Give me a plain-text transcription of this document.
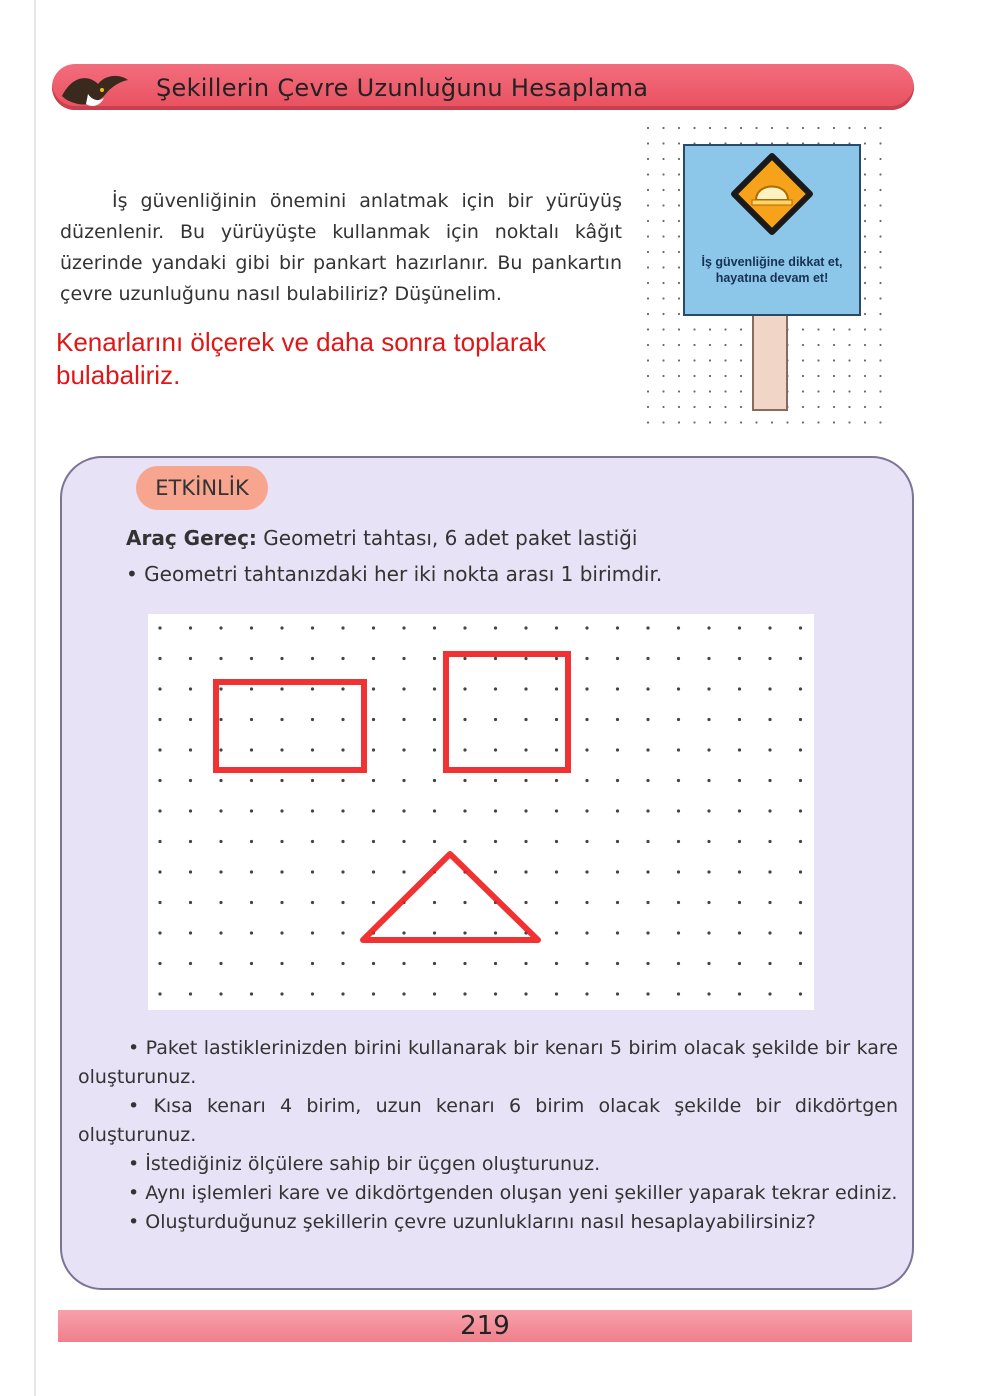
Şekillerin Çevre Uzunluğunu Hesaplama
İş güvenliğinin önemini anlatmak için bir yürüyüş düzenlenir. Bu yürüyüşte kullanmak için noktalı kâğıt üzerinde yandaki gibi bir pankart hazırlanır. Bu pankartın çevre uzunluğunu nasıl bulabiliriz? Düşünelim.
Kenarlarını ölçerek ve daha sonra toplarak bulabaliriz.
İş güvenliğine dikkat et,
hayatına devam et!
ETKİNLİK
Araç Gereç: Geometri tahtası, 6 adet paket lastiği
• Geometri tahtanızdaki her iki nokta arası 1 birimdir.

• Paket lastiklerinizden birini kullanarak bir kenarı 5 birim olacak şekilde bir kare oluşturunuz.

• Kısa kenarı 4 birim, uzun kenarı 6 birim olacak şekilde bir dikdörtgen oluşturunuz.

• İstediğiniz ölçülere sahip bir üçgen oluşturunuz.

• Aynı işlemleri kare ve dikdörtgenden oluşan yeni şekiller yaparak tekrar ediniz.

• Oluşturduğunuz şekillerin çevre uzunluklarını nasıl hesaplayabilirsiniz?

219
